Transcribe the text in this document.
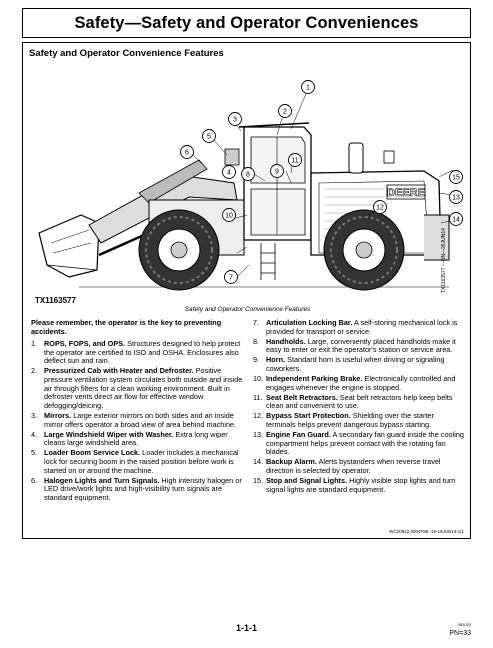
Safety—Safety and Operator Conveniences
Safety and Operator Convenience Features
DEERE
1
2
3
4
5
6
7
8	9
10
11
12
13
14
15
TX1163577
TX1163577 —UN—26JUN14
Safety and Operator Convenience Features

Please remember, the operator is the key to preventing accidents.

1. ROPS, FOPS, and OPS. Structures designed to help protect the operator are certified to ISO and OSHA. Enclosures also deflect sun and rain.
2. Pressurized Cab with Heater and Defroster. Positive pressure ventilation system circulates both outside and inside air through filters for a clean working environment. Built in defroster vents direct air flow for effective window defogging/deicing.
3. Mirrors. Large exterior mirrors on both sides and an inside mirror offers operator a broad view of area behind machine.
4. Large Windshield Wiper with Washer. Extra long wiper cleans large windshield area.
5. Loader Boom Service Lock. Loader includes a mechanical lock for securing boom in the raised position before work is started on or around the machine.
6. Halogen Lights and Turn Signals. High intensity halogen or LED drive/work lights and high-visibility turn signals are standard equipment.
7. Articulation Locking Bar. A self-storing mechanical lock is provided for transport or service.
8. Handholds. Large, conveniently placed handholds make it easy to enter or exit the operator's station or service area.
9. Horn. Standard horn is useful when driving or signaling coworkers.
10. Independent Parking Brake. Electronically controlled and engages whenever the engine is stopped.
11. Seat Belt Retractors. Seat belt retractors help keep belts clean and convenient to use.
12. Bypass Start Protection. Shielding over the starter terminals helps prevent dangerous bypass starting.
13. Engine Fan Guard. A secondary fan guard inside the cooling compartment helps prevent contact with the rotating fan blades.
14. Backup Alarm. Alerts bystanders when reverse travel direction is selected by operator.
15. Stop and Signal Lights. Highly visible stop lights and turn signal lights are standard equipment.
WC20922,0004F89 -19-19JUN14-1/1
1-1-1	052020
PN=33
